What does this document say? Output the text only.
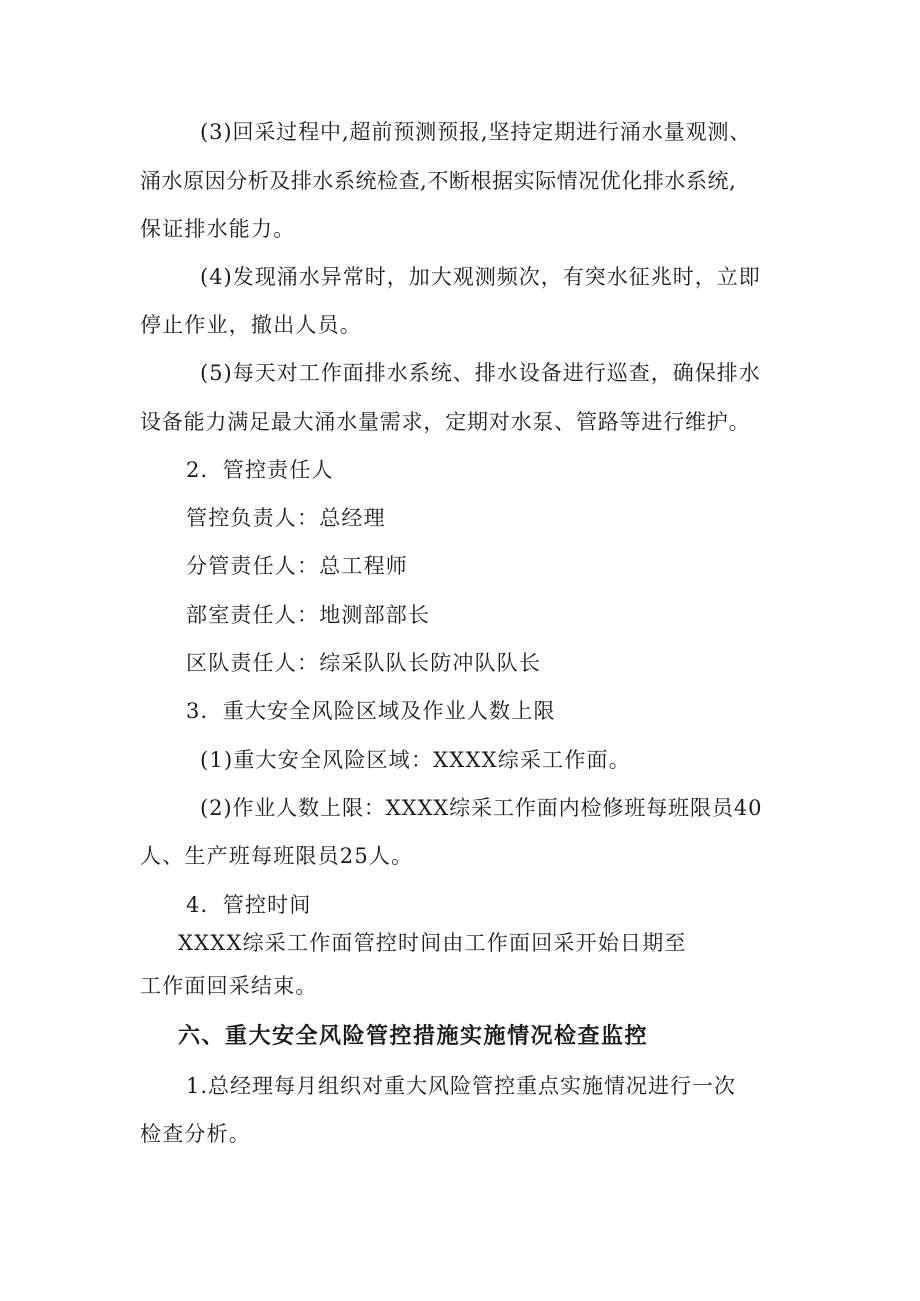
(3)回采过程中,超前预测预报,坚持定期进行涌水量观测、
涌水原因分析及排水系统检查,不断根据实际情况优化排水系统,
保证排水能力。
(4)发现涌水异常时，加大观测频次，有突水征兆时，立即
停止作业，撤出人员。
(5)每天对工作面排水系统、排水设备进行巡查，确保排水
设备能力满足最大涌水量需求，定期对水泵、管路等进行维护。
2．管控责任人
管控负责人：总经理
分管责任人：总工程师
部室责任人：地测部部长
区队责任人：综采队队长防冲队队长
3．重大安全风险区域及作业人数上限
(1)重大安全风险区域：XXXX综采工作面。
(2)作业人数上限：XXXX综采工作面内检修班每班限员40
人、生产班每班限员25人。
4．管控时间
XXXX综采工作面管控时间由工作面回采开始日期至
工作面回采结束。
六、重大安全风险管控措施实施情况检查监控
1.总经理每月组织对重大风险管控重点实施情况进行一次
检查分析。
